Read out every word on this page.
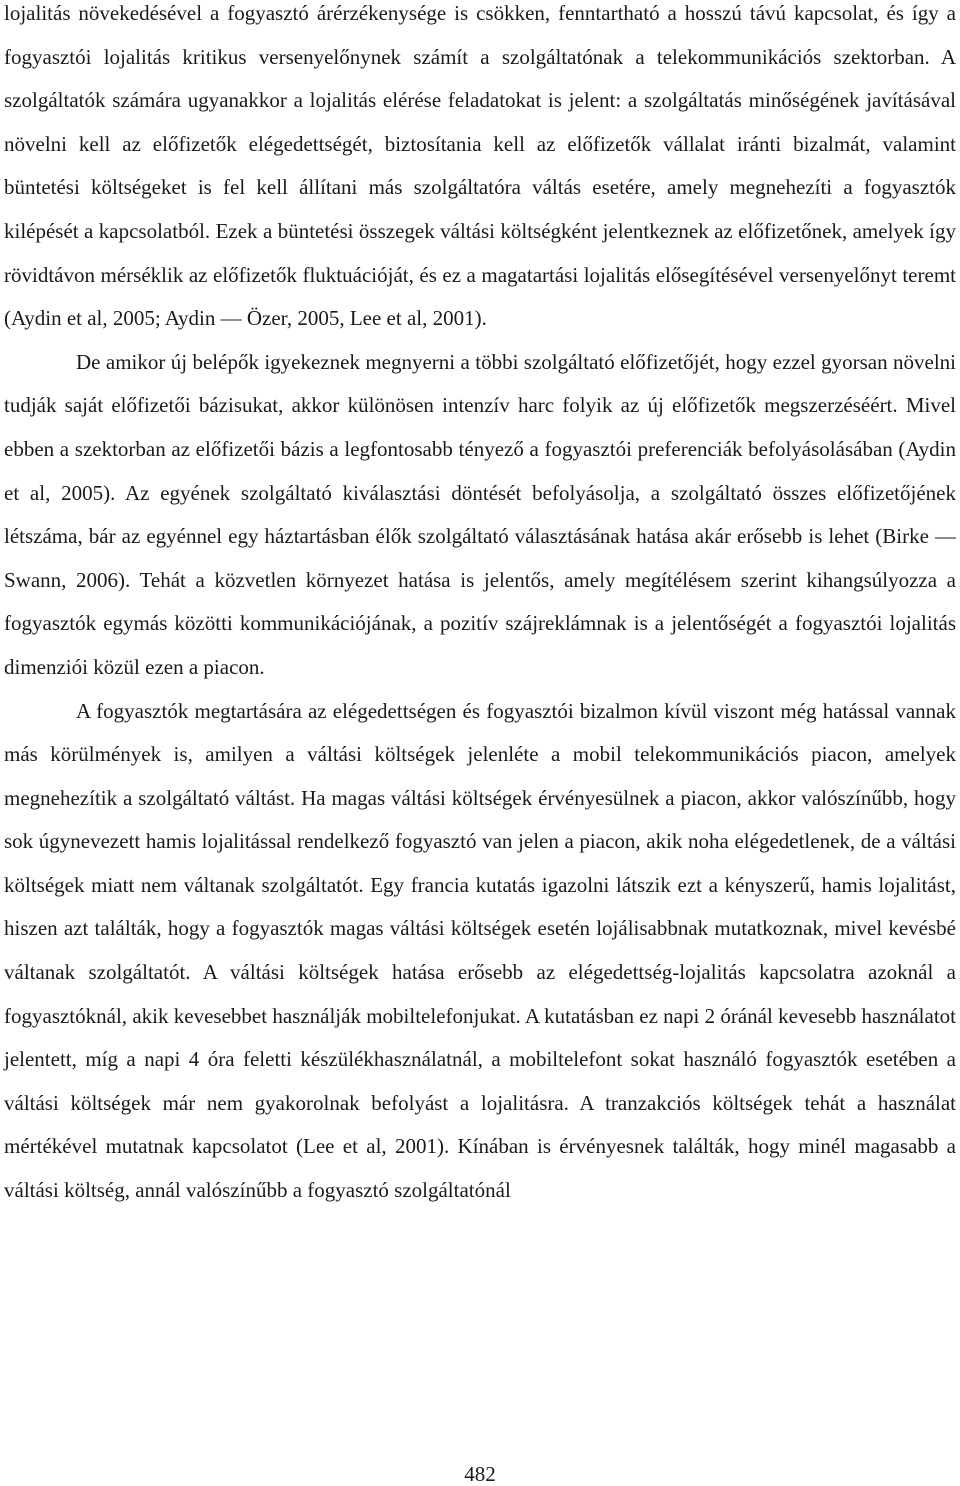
lojalitás növekedésével a fogyasztó árérzékenysége is csökken, fenntartható a hosszú távú kapcsolat, és így a fogyasztói lojalitás kritikus versenyelőnynek számít a szolgáltatónak a telekommunikációs szektorban. A szolgáltatók számára ugyanakkor a lojalitás elérése feladatokat is jelent: a szolgáltatás minőségének javításával növelni kell az előfizetők elégedettségét, biztosítania kell az előfizetők vállalat iránti bizalmát, valamint büntetési költségeket is fel kell állítani más szolgáltatóra váltás esetére, amely megnehezíti a fogyasztók kilépését a kapcsolatból. Ezek a büntetési összegek váltási költségként jelentkeznek az előfizetőnek, amelyek így rövidtávon mérséklik az előfizetők fluktuációját, és ez a magatartási lojalitás elősegítésével versenyelőnyt teremt (Aydin et al, 2005; Aydin — Özer, 2005, Lee et al, 2001).

De amikor új belépők igyekeznek megnyerni a többi szolgáltató előfizetőjét, hogy ezzel gyorsan növelni tudják saját előfizetői bázisukat, akkor különösen intenzív harc folyik az új előfizetők megszerzéséért. Mivel ebben a szektorban az előfizetői bázis a legfontosabb tényező a fogyasztói preferenciák befolyásolásában (Aydin et al, 2005). Az egyének szolgáltató kiválasztási döntését befolyásolja, a szolgáltató összes előfizetőjének létszáma, bár az egyénnel egy háztartásban élők szolgáltató választásának hatása akár erősebb is lehet (Birke — Swann, 2006). Tehát a közvetlen környezet hatása is jelentős, amely megítélésem szerint kihangsúlyozza a fogyasztók egymás közötti kommunikációjának, a pozitív szájreklámnak is a jelentőségét a fogyasztói lojalitás dimenziói közül ezen a piacon.

A fogyasztók megtartására az elégedettségen és fogyasztói bizalmon kívül viszont még hatással vannak más körülmények is, amilyen a váltási költségek jelenléte a mobil telekommunikációs piacon, amelyek megnehezítik a szolgáltató váltást. Ha magas váltási költségek érvényesülnek a piacon, akkor valószínűbb, hogy sok úgynevezett hamis lojalitással rendelkező fogyasztó van jelen a piacon, akik noha elégedetlenek, de a váltási költségek miatt nem váltanak szolgáltatót. Egy francia kutatás igazolni látszik ezt a kényszerű, hamis lojalitást, hiszen azt találták, hogy a fogyasztók magas váltási költségek esetén lojálisabbnak mutatkoznak, mivel kevésbé váltanak szolgáltatót. A váltási költségek hatása erősebb az elégedettség-lojalitás kapcsolatra azoknál a fogyasztóknál, akik kevesebbet használják mobiltelefonjukat. A kutatásban ez napi 2 óránál kevesebb használatot jelentett, míg a napi 4 óra feletti készülékhasználatnál, a mobiltelefont sokat használó fogyasztók esetében a váltási költségek már nem gyakorolnak befolyást a lojalitásra. A tranzakciós költségek tehát a használat mértékével mutatnak kapcsolatot (Lee et al, 2001). Kínában is érvényesnek találták, hogy minél magasabb a váltási költség, annál valószínűbb a fogyasztó szolgáltatónál

482
